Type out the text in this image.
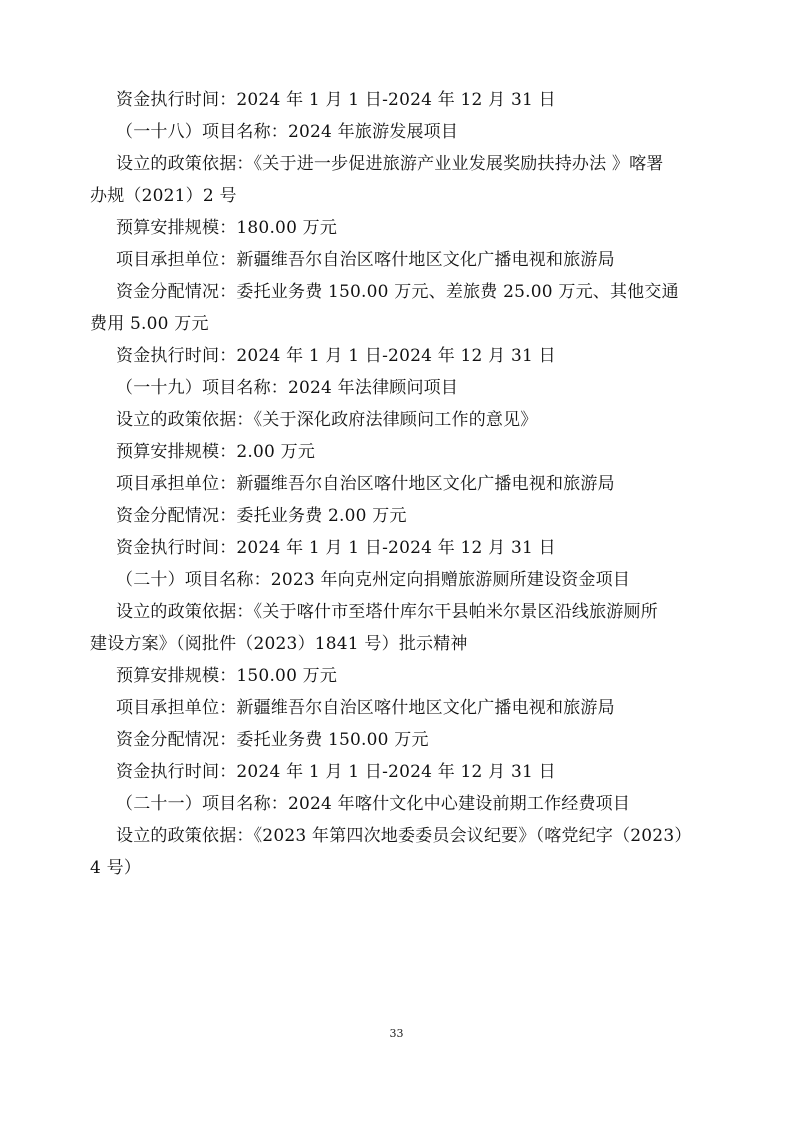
资金执行时间：2024 年 1 月 1 日-2024 年 12 月 31 日

（一十八）项目名称：2024 年旅游发展项目

设立的政策依据：《关于进一步促进旅游产业业发展奖励扶持办法 》喀署

办规（2021）2 号

预算安排规模：180.00 万元

项目承担单位：新疆维吾尔自治区喀什地区文化广播电视和旅游局

资金分配情况：委托业务费 150.00 万元、差旅费 25.00 万元、其他交通

费用 5.00 万元

资金执行时间：2024 年 1 月 1 日-2024 年 12 月 31 日

（一十九）项目名称：2024 年法律顾问项目

设立的政策依据：《关于深化政府法律顾问工作的意见》

预算安排规模：2.00 万元

项目承担单位：新疆维吾尔自治区喀什地区文化广播电视和旅游局

资金分配情况：委托业务费 2.00 万元

资金执行时间：2024 年 1 月 1 日-2024 年 12 月 31 日

（二十）项目名称：2023 年向克州定向捐赠旅游厕所建设资金项目

设立的政策依据：《关于喀什市至塔什库尔干县帕米尔景区沿线旅游厕所

建设方案》（阅批件（2023）1841 号）批示精神

预算安排规模：150.00 万元

项目承担单位：新疆维吾尔自治区喀什地区文化广播电视和旅游局

资金分配情况：委托业务费 150.00 万元

资金执行时间：2024 年 1 月 1 日-2024 年 12 月 31 日

（二十一）项目名称：2024 年喀什文化中心建设前期工作经费项目

设立的政策依据：《2023 年第四次地委委员会议纪要》（喀党纪字（2023）

4 号）

33
